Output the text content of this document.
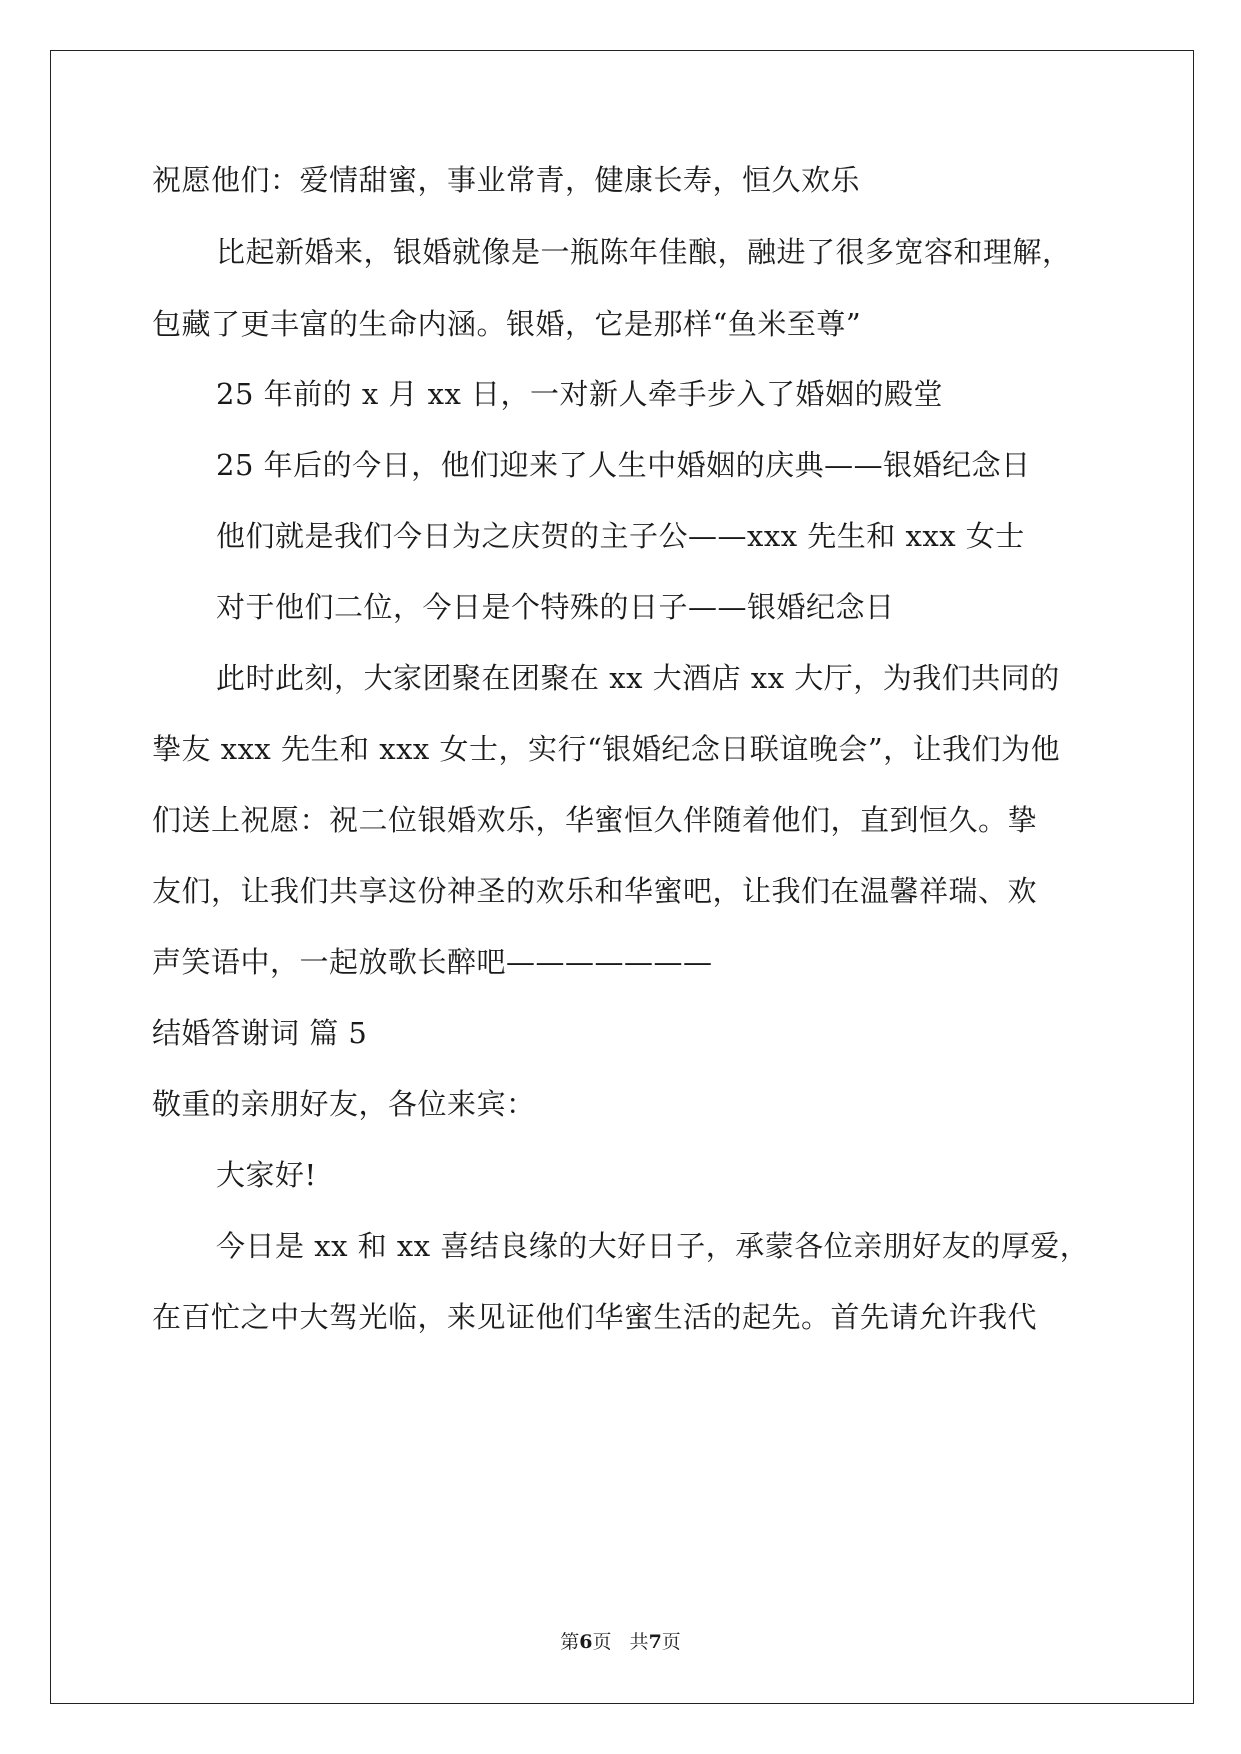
祝愿他们：爱情甜蜜，事业常青，健康长寿，恒久欢乐
比起新婚来，银婚就像是一瓶陈年佳酿，融进了很多宽容和理解，
包藏了更丰富的生命内涵。银婚，它是那样“鱼米至尊”
25 年前的 x 月 xx 日，一对新人牵手步入了婚姻的殿堂
25 年后的今日，他们迎来了人生中婚姻的庆典——银婚纪念日
他们就是我们今日为之庆贺的主子公——xxx 先生和 xxx 女士
对于他们二位，今日是个特殊的日子——银婚纪念日
此时此刻，大家团聚在团聚在 xx 大酒店 xx 大厅，为我们共同的
挚友 xxx 先生和 xxx 女士，实行“银婚纪念日联谊晚会”，让我们为他
们送上祝愿：祝二位银婚欢乐，华蜜恒久伴随着他们，直到恒久。挚
友们，让我们共享这份神圣的欢乐和华蜜吧，让我们在温馨祥瑞、欢
声笑语中，一起放歌长醉吧———————
结婚答谢词 篇 5
敬重的亲朋好友，各位来宾：
大家好!
今日是 xx 和 xx 喜结良缘的大好日子，承蒙各位亲朋好友的厚爱，
在百忙之中大驾光临，来见证他们华蜜生活的起先。首先请允许我代
第6页   共7页
